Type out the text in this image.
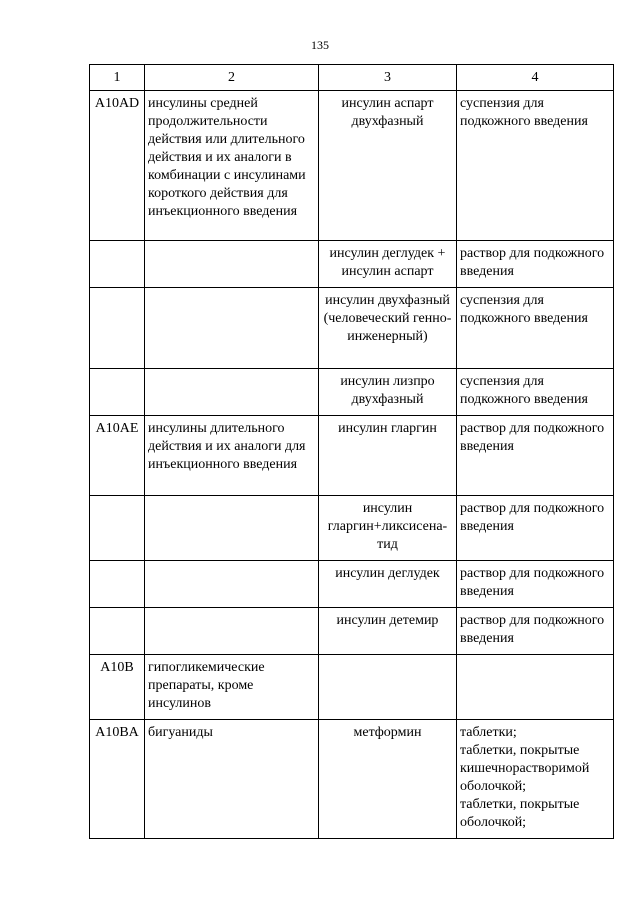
135
1	2	3	4
A10AD	инсулины средней продолжительности действия или длительного действия и их аналоги в комбинации с инсулинами короткого действия для инъекционного введения	инсулин аспарт двухфазный	суспензия для подкожного введения
		инсулин деглудек + инсулин аспарт	раствор для подкожного введения
		инсулин двухфазный (человеческий генно-инженерный)	суспензия для подкожного введения
		инсулин лизпро двухфазный	суспензия для подкожного введения
A10AE	инсулины длительного действия и их аналоги для инъекционного введения	инсулин гларгин	раствор для подкожного введения
		инсулин гларгин+ликсисена-тид	раствор для подкожного введения
		инсулин деглудек	раствор для подкожного введения
		инсулин детемир	раствор для подкожного введения
A10B	гипогликемические препараты, кроме инсулинов		
A10BA	бигуаниды	метформин	таблетки;
таблетки, покрытые кишечнорастворимой оболочкой;
таблетки, покрытые оболочкой;
